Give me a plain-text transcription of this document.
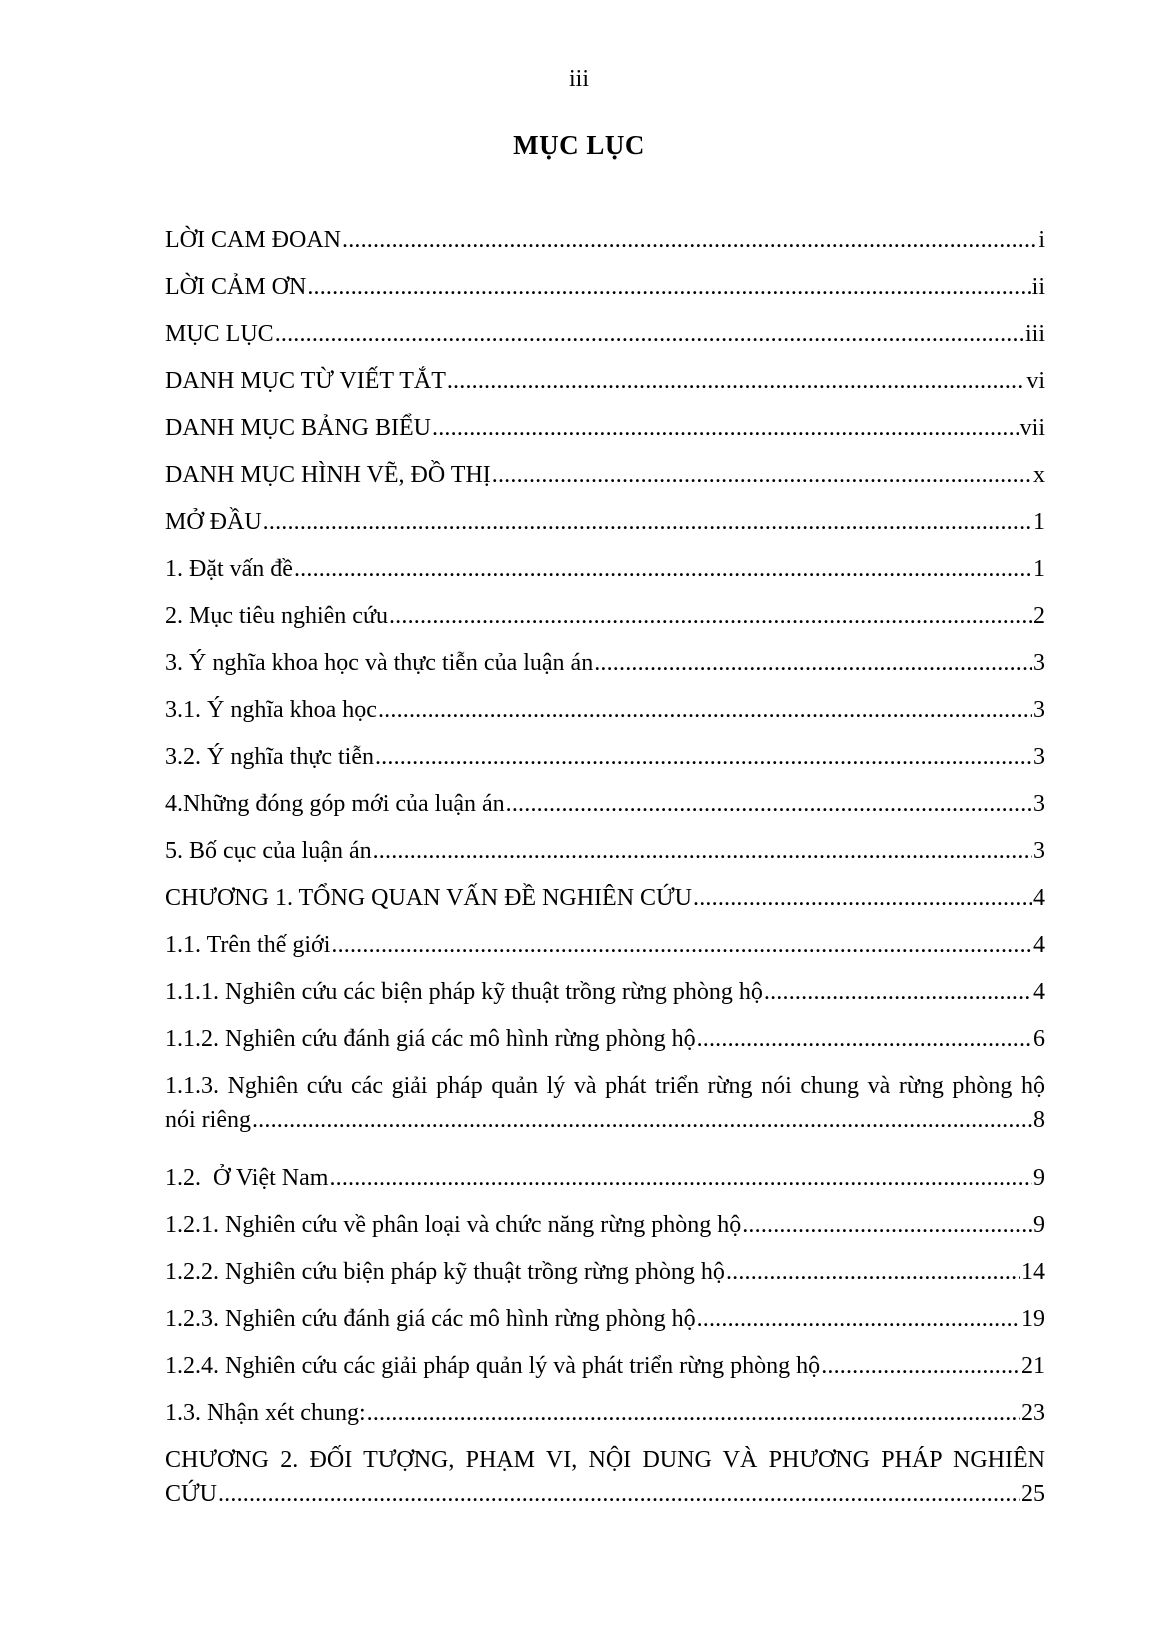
iii
MỤC LỤC
LỜI CAM ĐOAN .....	i
LỜI CẢM ƠN .....	ii
MỤC LỤC .....	iii
DANH MỤC TỪ VIẾT TẮT .....	vi
DANH MỤC BẢNG BIỂU .....	vii
DANH MỤC HÌNH VẼ, ĐỒ THỊ .....	x
MỞ ĐẦU .....	1
1. Đặt vấn đề .....	1
2. Mục tiêu nghiên cứu .....	2
3. Ý nghĩa khoa học và thực tiễn của luận án .....	3
3.1. Ý nghĩa khoa học .....	3
3.2. Ý nghĩa thực tiễn .....	3
4.Những đóng góp mới của luận án .....	3
5. Bố cục của luận án .....	3
CHƯƠNG 1. TỔNG QUAN VẤN ĐỀ NGHIÊN CỨU .....	4
1.1. Trên thế giới .....	4
1.1.1. Nghiên cứu các biện pháp kỹ thuật trồng rừng phòng hộ .....	4
1.1.2. Nghiên cứu đánh giá các mô hình rừng phòng hộ .....	6
1.1.3. Nghiên cứu các giải pháp quản lý và phát triển rừng nói chung và rừng phòng hộ
nói riêng .....	8
1.2.  Ở Việt Nam .....	9
1.2.1. Nghiên cứu về phân loại và chức năng rừng phòng hộ .....	9
1.2.2. Nghiên cứu biện pháp kỹ thuật trồng rừng phòng hộ .....	14
1.2.3. Nghiên cứu đánh giá các mô hình rừng phòng hộ .....	19
1.2.4. Nghiên cứu các giải pháp quản lý và phát triển rừng phòng hộ .....	21
1.3. Nhận xét chung: .....	23
CHƯƠNG 2. ĐỐI TƯỢNG, PHẠM VI, NỘI DUNG VÀ PHƯƠNG PHÁP NGHIÊN
CỨU .....	25
